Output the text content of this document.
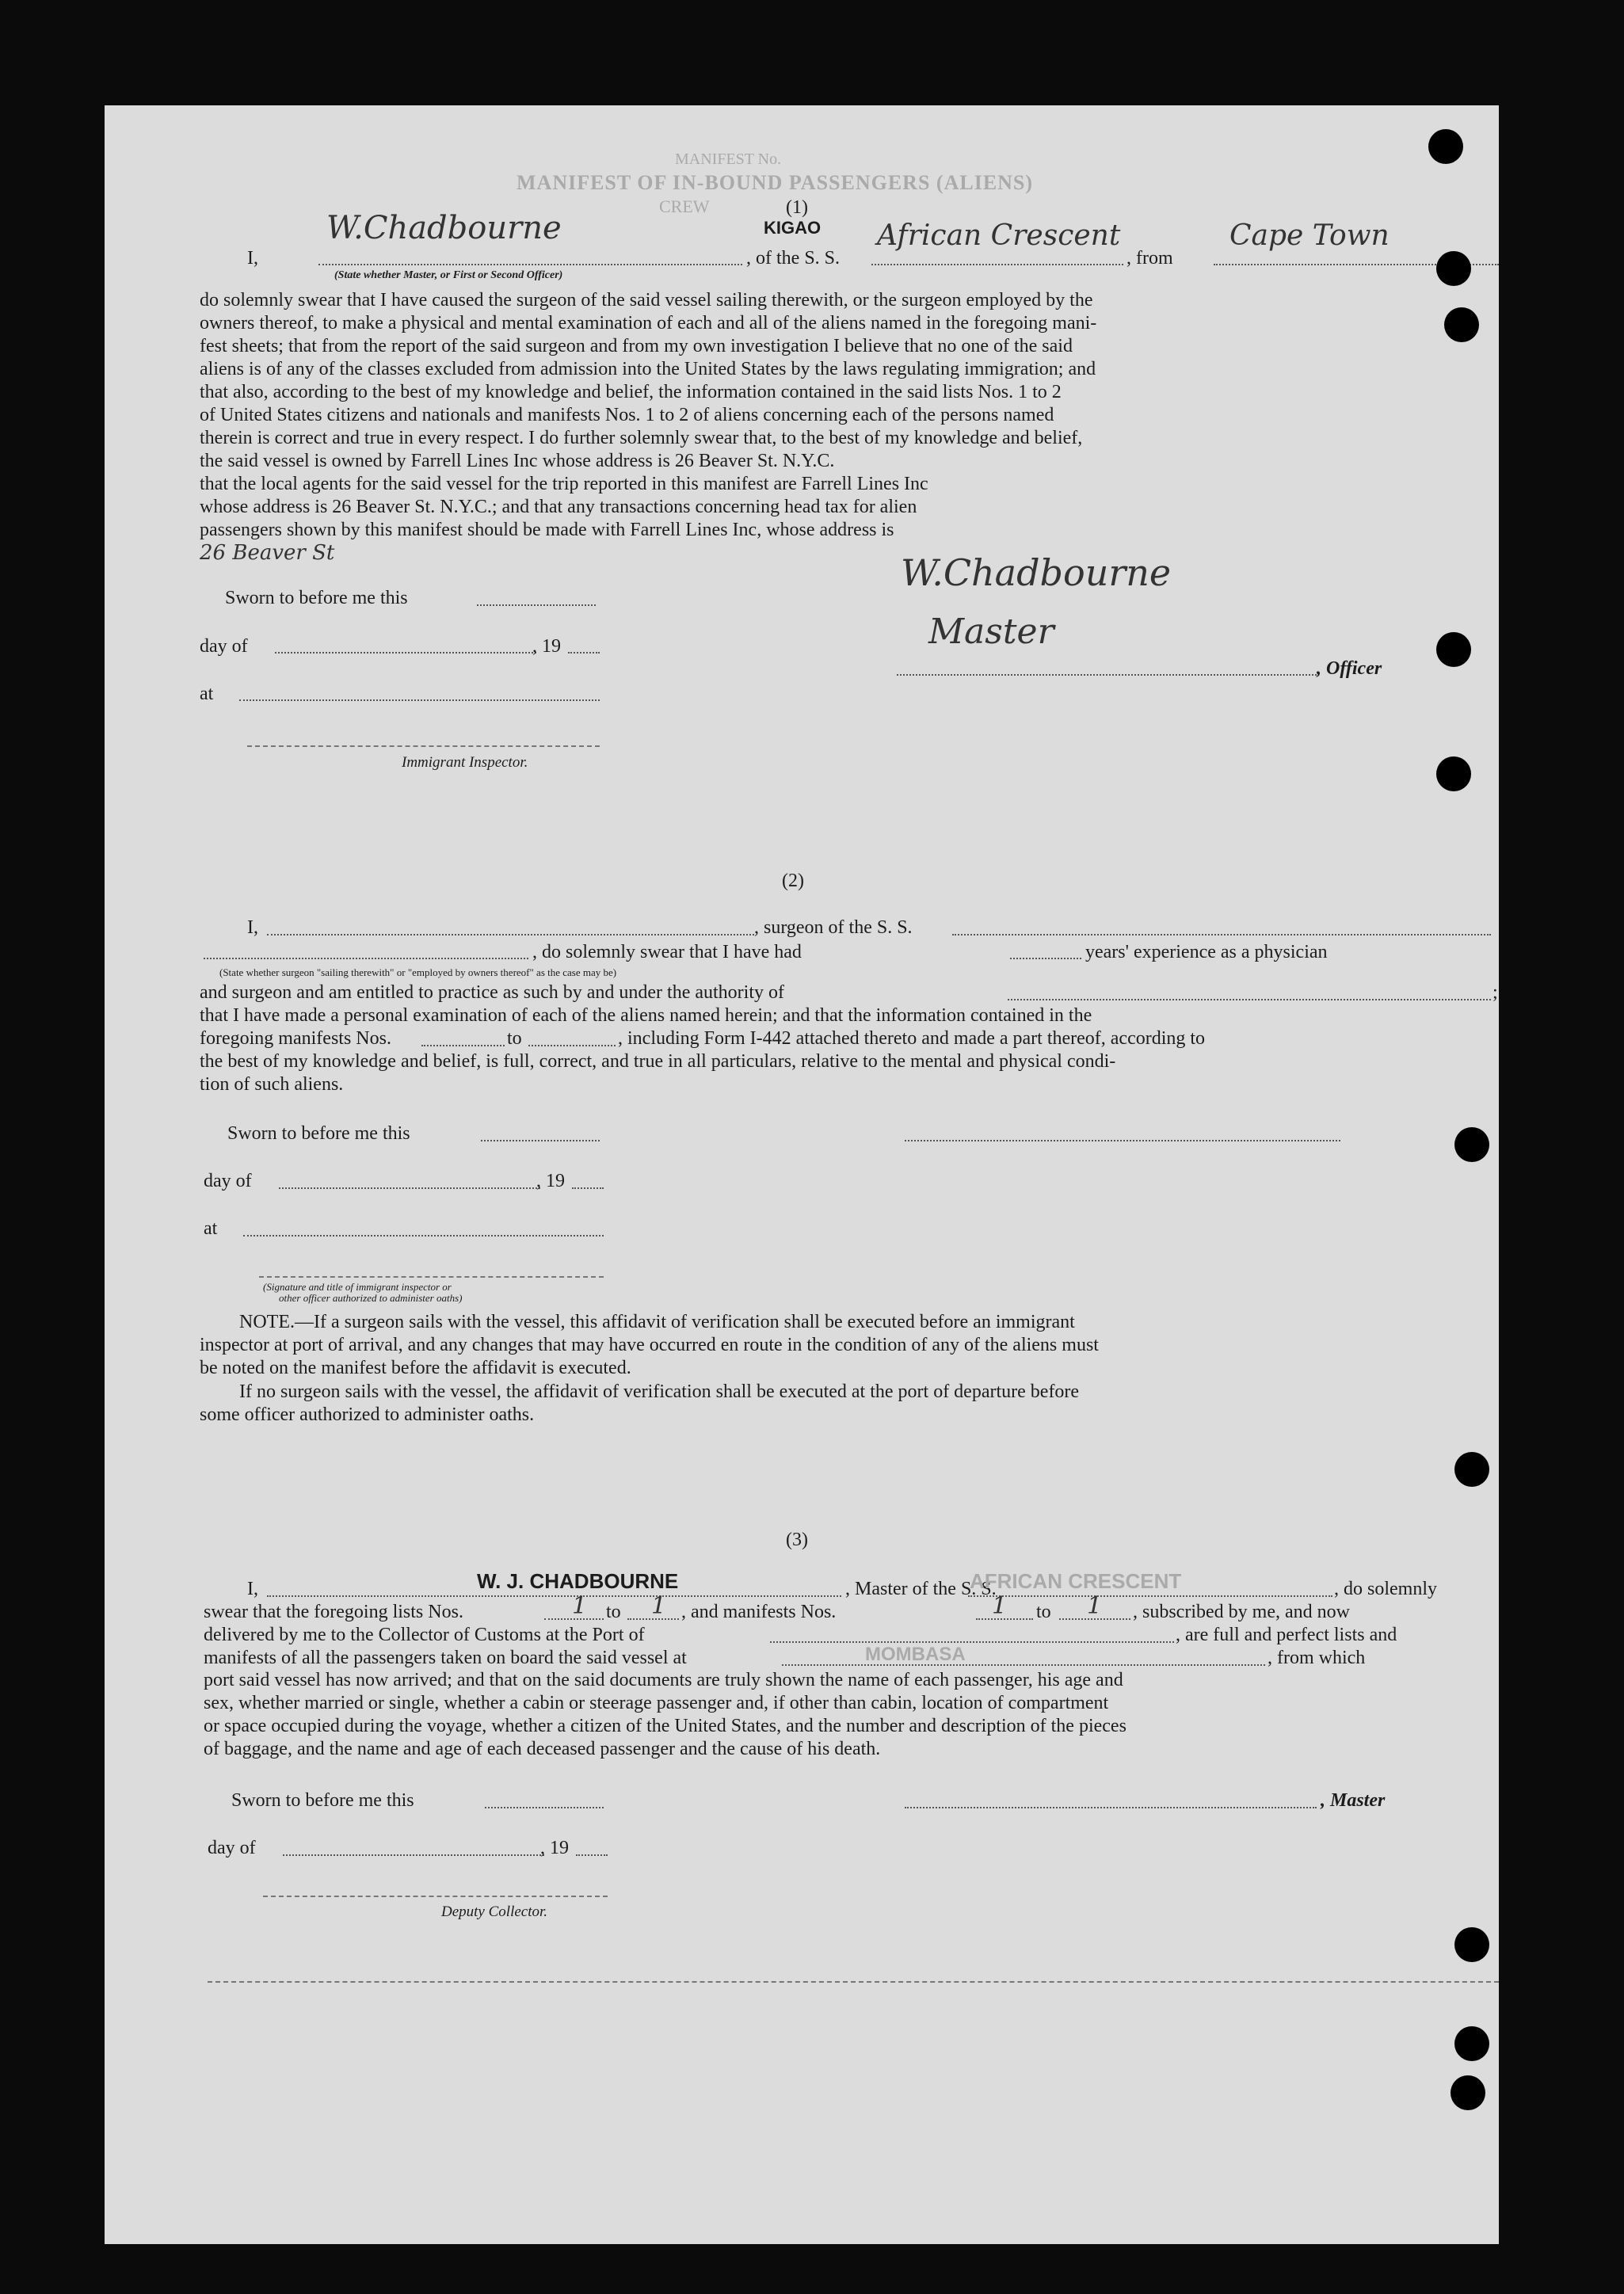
MANIFEST No.
MANIFEST OF IN-BOUND PASSENGERS (ALIENS)
CREW	(1)
KIGAO
I,
W.Chadbourne
(State whether Master, or First or Second Officer)
, of the S. S.
African Crescent
, from
Cape Town
do solemnly swear that I have caused the surgeon of the said vessel sailing therewith, or the surgeon employed by the
owners thereof, to make a physical and mental examination of each and all of the aliens named in the foregoing mani-
fest sheets; that from the report of the said surgeon and from my own investigation I believe that no one of the said
aliens is of any of the classes excluded from admission into the United States by the laws regulating immigration; and
that also, according to the best of my knowledge and belief, the information contained in the said lists Nos. 1 to 2
of United States citizens and nationals and manifests Nos. 1 to 2 of aliens concerning each of the persons named
therein is correct and true in every respect. I do further solemnly swear that, to the best of my knowledge and belief,
the said vessel is owned by Farrell Lines Inc whose address is 26 Beaver St. N.Y.C.
that the local agents for the said vessel for the trip reported in this manifest are Farrell Lines Inc
whose address is 26 Beaver St. N.Y.C.; and that any transactions concerning head tax for alien
passengers shown by this manifest should be made with Farrell Lines Inc, whose address is
26 Beaver St
Sworn to before me this
day of	, 19
at
Immigrant Inspector.
W.Chadbourne
Master
, Officer
(2)
I,	, surgeon of the S. S.
, do solemnly swear that I have had	years' experience as a physician
(State whether surgeon "sailing therewith" or "employed by owners thereof" as the case may be)
and surgeon and am entitled to practice as such by and under the authority of	;
that I have made a personal examination of each of the aliens named herein; and that the information contained in the
foregoing manifests Nos.	to	, including Form I-442 attached thereto and made a part thereof, according to
the best of my knowledge and belief, is full, correct, and true in all particulars, relative to the mental and physical condi-
tion of such aliens.
Sworn to before me this
day of	, 19
at
(Signature and title of immigrant inspector or
other officer authorized to administer oaths)
NOTE.—If a surgeon sails with the vessel, this affidavit of verification shall be executed before an immigrant
inspector at port of arrival, and any changes that may have occurred en route in the condition of any of the aliens must
be noted on the manifest before the affidavit is executed.
If no surgeon sails with the vessel, the affidavit of verification shall be executed at the port of departure before
some officer authorized to administer oaths.
(3)
I,	W. J. CHADBOURNE	, Master of the S. S.
AFRICAN CRESCENT	, do solemnly
swear that the foregoing lists Nos.	1 to 1 , and manifests Nos.	1 to 1 , subscribed by me, and now
delivered by me to the Collector of Customs at the Port of	, are full and perfect lists and
manifests of all the passengers taken on board the said vessel at	MOMBASA	, from which
port said vessel has now arrived; and that on the said documents are truly shown the name of each passenger, his age and
sex, whether married or single, whether a cabin or steerage passenger and, if other than cabin, location of compartment
or space occupied during the voyage, whether a citizen of the United States, and the number and description of the pieces
of baggage, and the name and age of each deceased passenger and the cause of his death.
Sworn to before me this	, Master
day of	, 19
Deputy Collector.
